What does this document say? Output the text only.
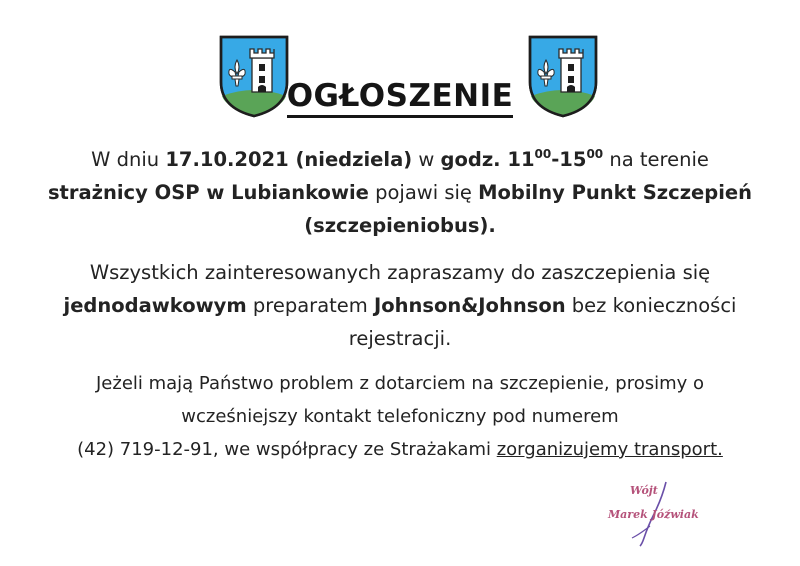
OGŁOSZENIE
W dniu 17.10.2021 (niedziela) w godz. $11^{00}-15^{00}$ na terenie
strażnicy OSP w Lubiankowie pojawi się Mobilny Punkt Szczepień
(szczepieniobus).
Wszystkich zainteresowanych zapraszamy do zaszczepienia się
jednodawkowym preparatem Johnson&Johnson bez konieczności
rejestracji.
Jeżeli mają Państwo problem z dotarciem na szczepienie, prosimy o
wcześniejszy kontakt telefoniczny pod numerem
(42) 719-12-91, we współpracy ze Strażakami zorganizujemy transport.
Wójt
Marek Jóźwiak
